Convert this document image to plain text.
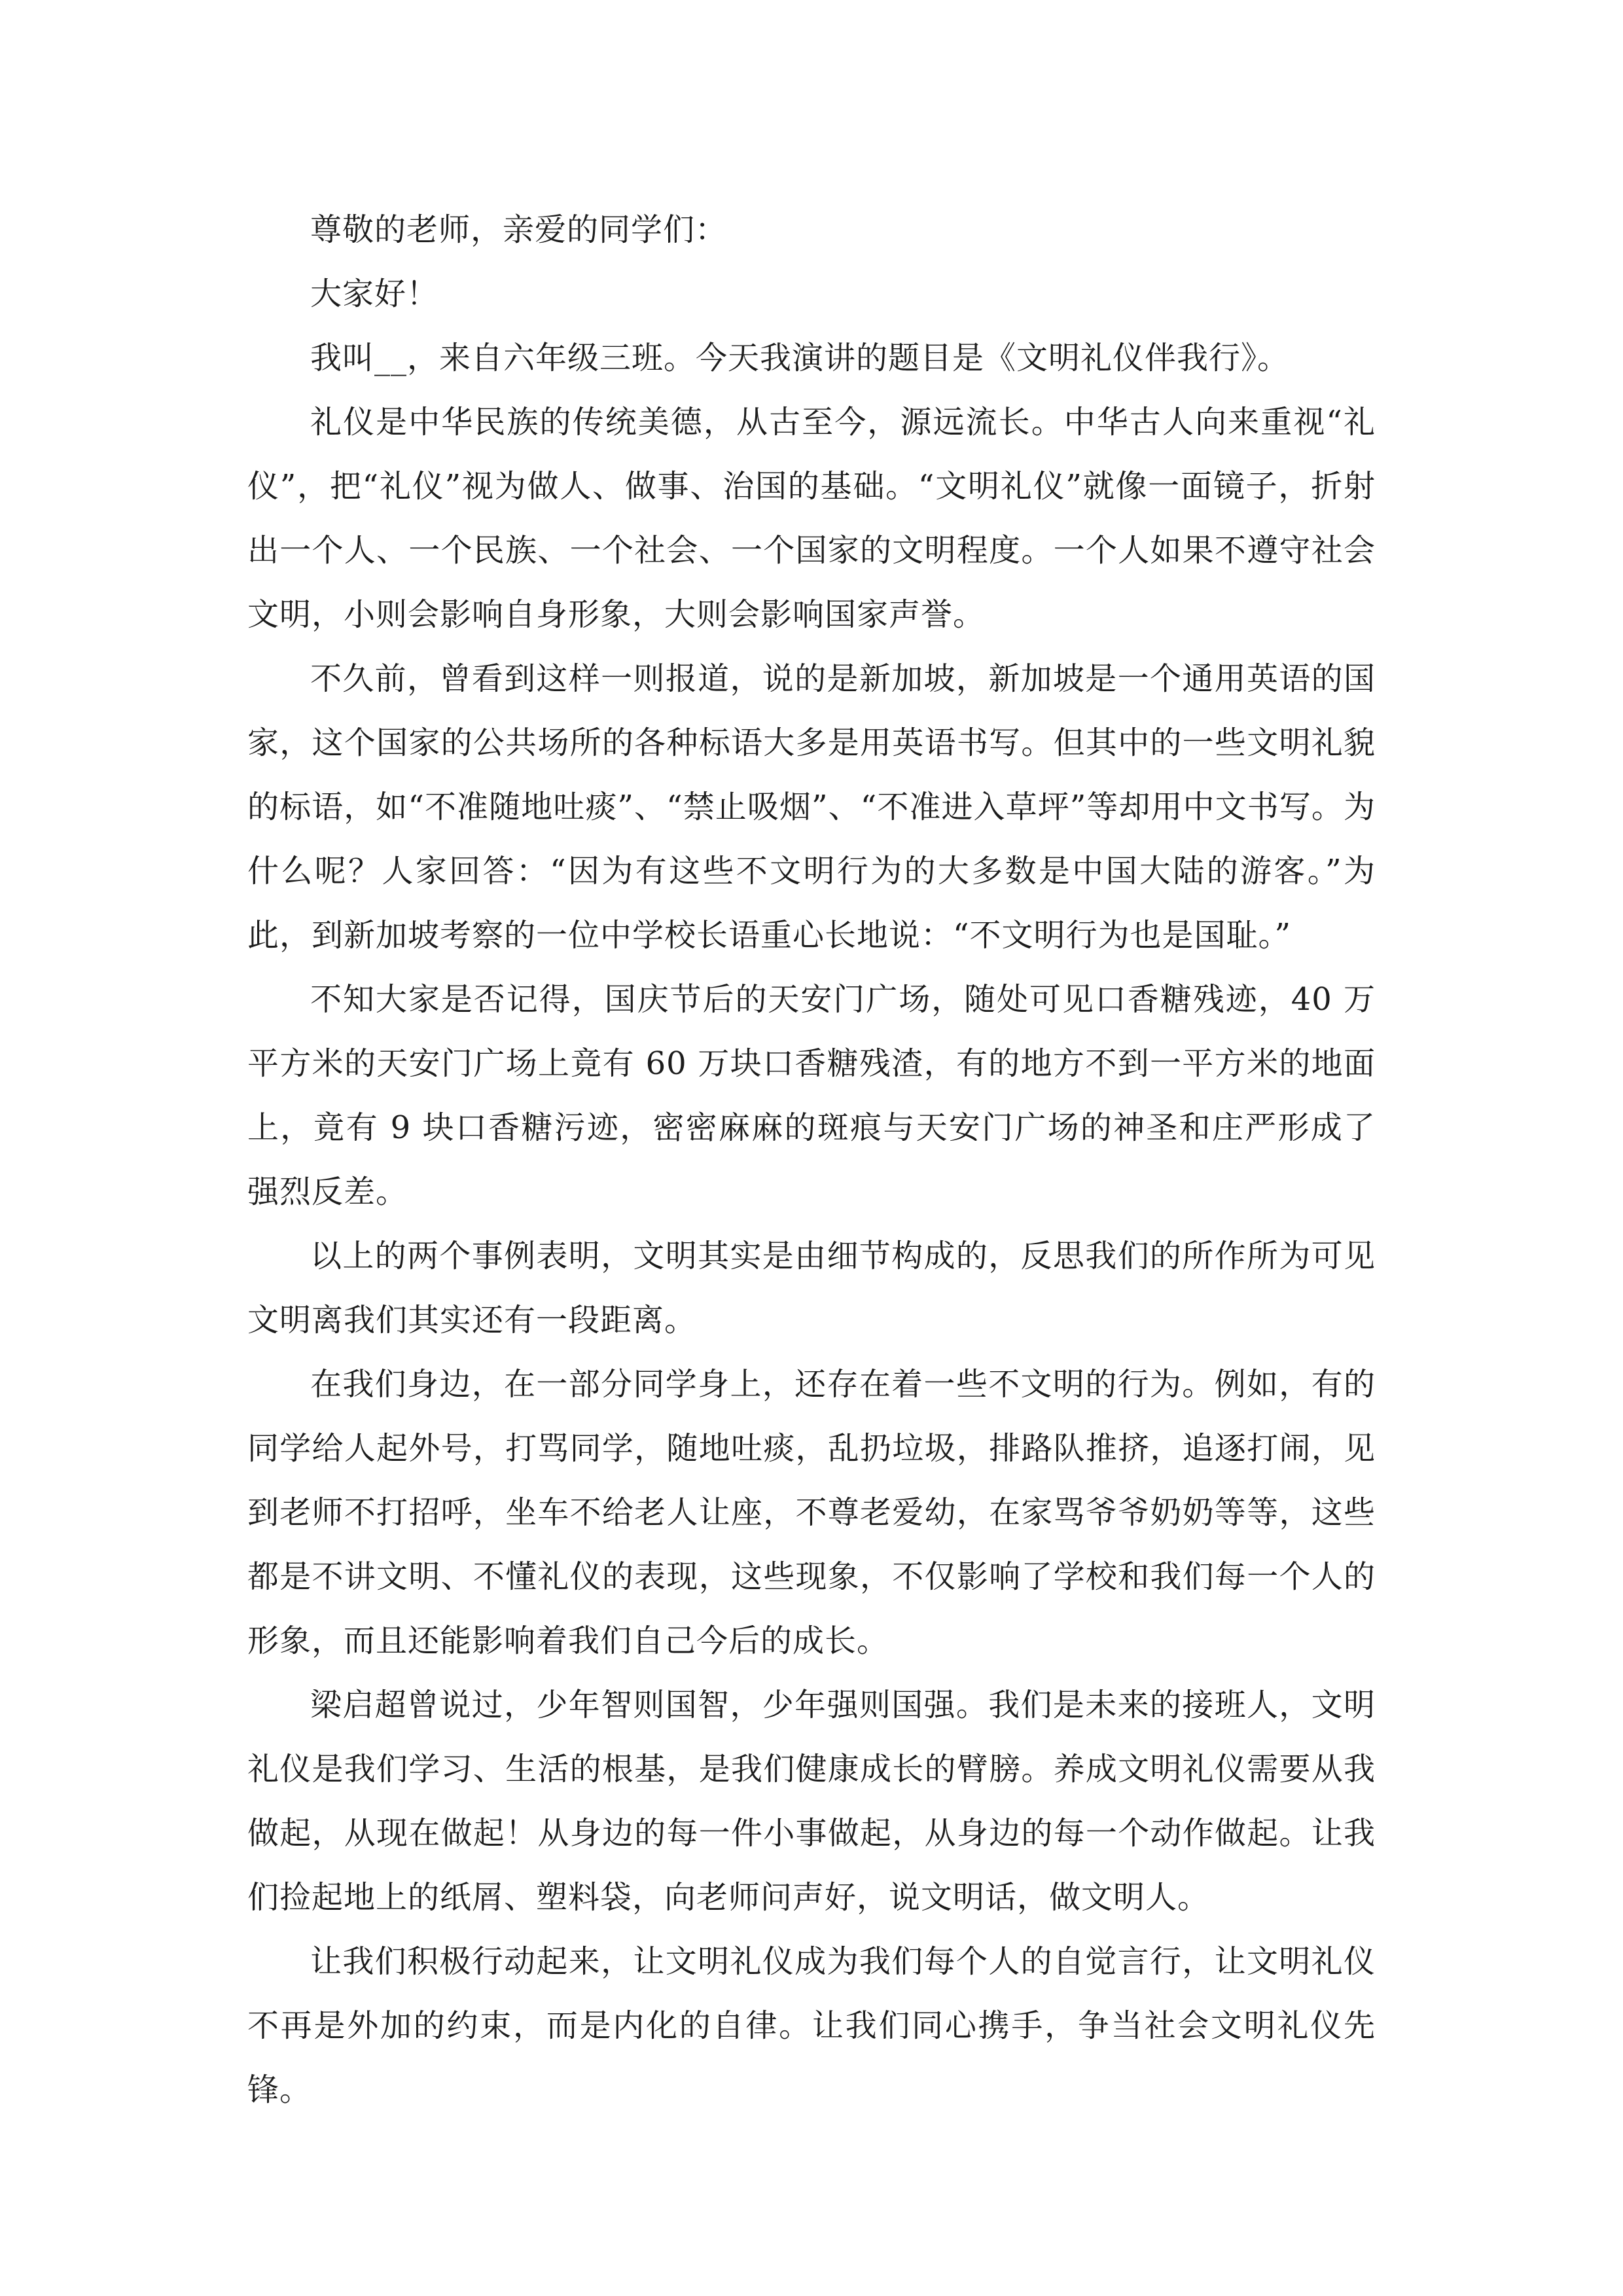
尊敬的老师，亲爱的同学们：

大家好！

我叫__，来自六年级三班。今天我演讲的题目是《文明礼仪伴我行》。

礼仪是中华民族的传统美德，从古至今，源远流长。中华古人向来重视“礼仪”，把“礼仪”视为做人、做事、治国的基础。“文明礼仪”就像一面镜子，折射出一个人、一个民族、一个社会、一个国家的文明程度。一个人如果不遵守社会文明，小则会影响自身形象，大则会影响国家声誉。

不久前，曾看到这样一则报道，说的是新加坡，新加坡是一个通用英语的国家，这个国家的公共场所的各种标语大多是用英语书写。但其中的一些文明礼貌的标语，如“不准随地吐痰”、“禁止吸烟”、“不准进入草坪”等却用中文书写。为什么呢？人家回答：“因为有这些不文明行为的大多数是中国大陆的游客。”为此，到新加坡考察的一位中学校长语重心长地说：“不文明行为也是国耻。”

不知大家是否记得，国庆节后的天安门广场，随处可见口香糖残迹，40 万平方米的天安门广场上竟有 60 万块口香糖残渣，有的地方不到一平方米的地面上，竟有 9 块口香糖污迹，密密麻麻的斑痕与天安门广场的神圣和庄严形成了强烈反差。

以上的两个事例表明，文明其实是由细节构成的，反思我们的所作所为可见文明离我们其实还有一段距离。

在我们身边，在一部分同学身上，还存在着一些不文明的行为。例如，有的同学给人起外号，打骂同学，随地吐痰，乱扔垃圾，排路队推挤，追逐打闹，见到老师不打招呼，坐车不给老人让座，不尊老爱幼，在家骂爷爷奶奶等等，这些都是不讲文明、不懂礼仪的表现，这些现象，不仅影响了学校和我们每一个人的形象，而且还能影响着我们自己今后的成长。

梁启超曾说过，少年智则国智，少年强则国强。我们是未来的接班人，文明礼仪是我们学习、生活的根基，是我们健康成长的臂膀。养成文明礼仪需要从我做起，从现在做起！从身边的每一件小事做起，从身边的每一个动作做起。让我们捡起地上的纸屑、塑料袋，向老师问声好，说文明话，做文明人。

让我们积极行动起来，让文明礼仪成为我们每个人的自觉言行，让文明礼仪不再是外加的约束，而是内化的自律。让我们同心携手，争当社会文明礼仪先锋。
